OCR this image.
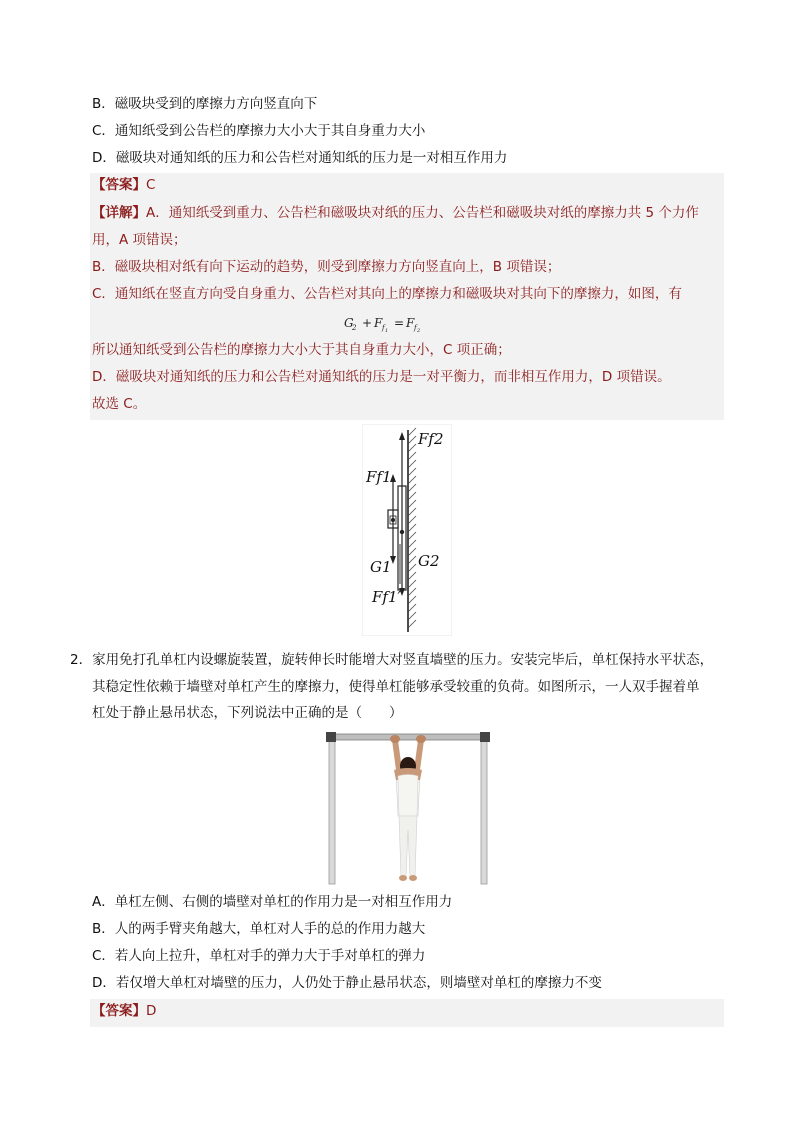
B．磁吸块受到的摩擦力方向竖直向下
C．通知纸受到公告栏的摩擦力大小大于其自身重力大小
D．磁吸块对通知纸的压力和公告栏对通知纸的压力是一对相互作用力
【答案】C
【详解】A．通知纸受到重力、公告栏和磁吸块对纸的压力、公告栏和磁吸块对纸的摩擦力共 5 个力作
用，A 项错误；
B．磁吸块相对纸有向下运动的趋势，则受到摩擦力方向竖直向上，B 项错误；
C．通知纸在竖直方向受自身重力、公告栏对其向上的摩擦力和磁吸块对其向下的摩擦力，如图，有
G
2 + F f 1
= F f 2
所以通知纸受到公告栏的摩擦力大小大于其自身重力大小，C 项正确；
D．磁吸块对通知纸的压力和公告栏对通知纸的压力是一对平衡力，而非相互作用力，D 项错误。
故选 C。
Ff2
Ff1
G1 G2
Ff1′
2．家用免打孔单杠内设螺旋装置，旋转伸长时能增大对竖直墙壁的压力。安装完毕后，单杠保持水平状态，
其稳定性依赖于墙壁对单杠产生的摩擦力，使得单杠能够承受较重的负荷。如图所示，一人双手握着单
杠处于静止悬吊状态，下列说法中正确的是（　　）
A．单杠左侧、右侧的墙壁对单杠的作用力是一对相互作用力
B．人的两手臂夹角越大，单杠对人手的总的作用力越大
C．若人向上拉升，单杠对手的弹力大于手对单杠的弹力
D．若仅增大单杠对墙壁的压力，人仍处于静止悬吊状态，则墙壁对单杠的摩擦力不变
【答案】D
